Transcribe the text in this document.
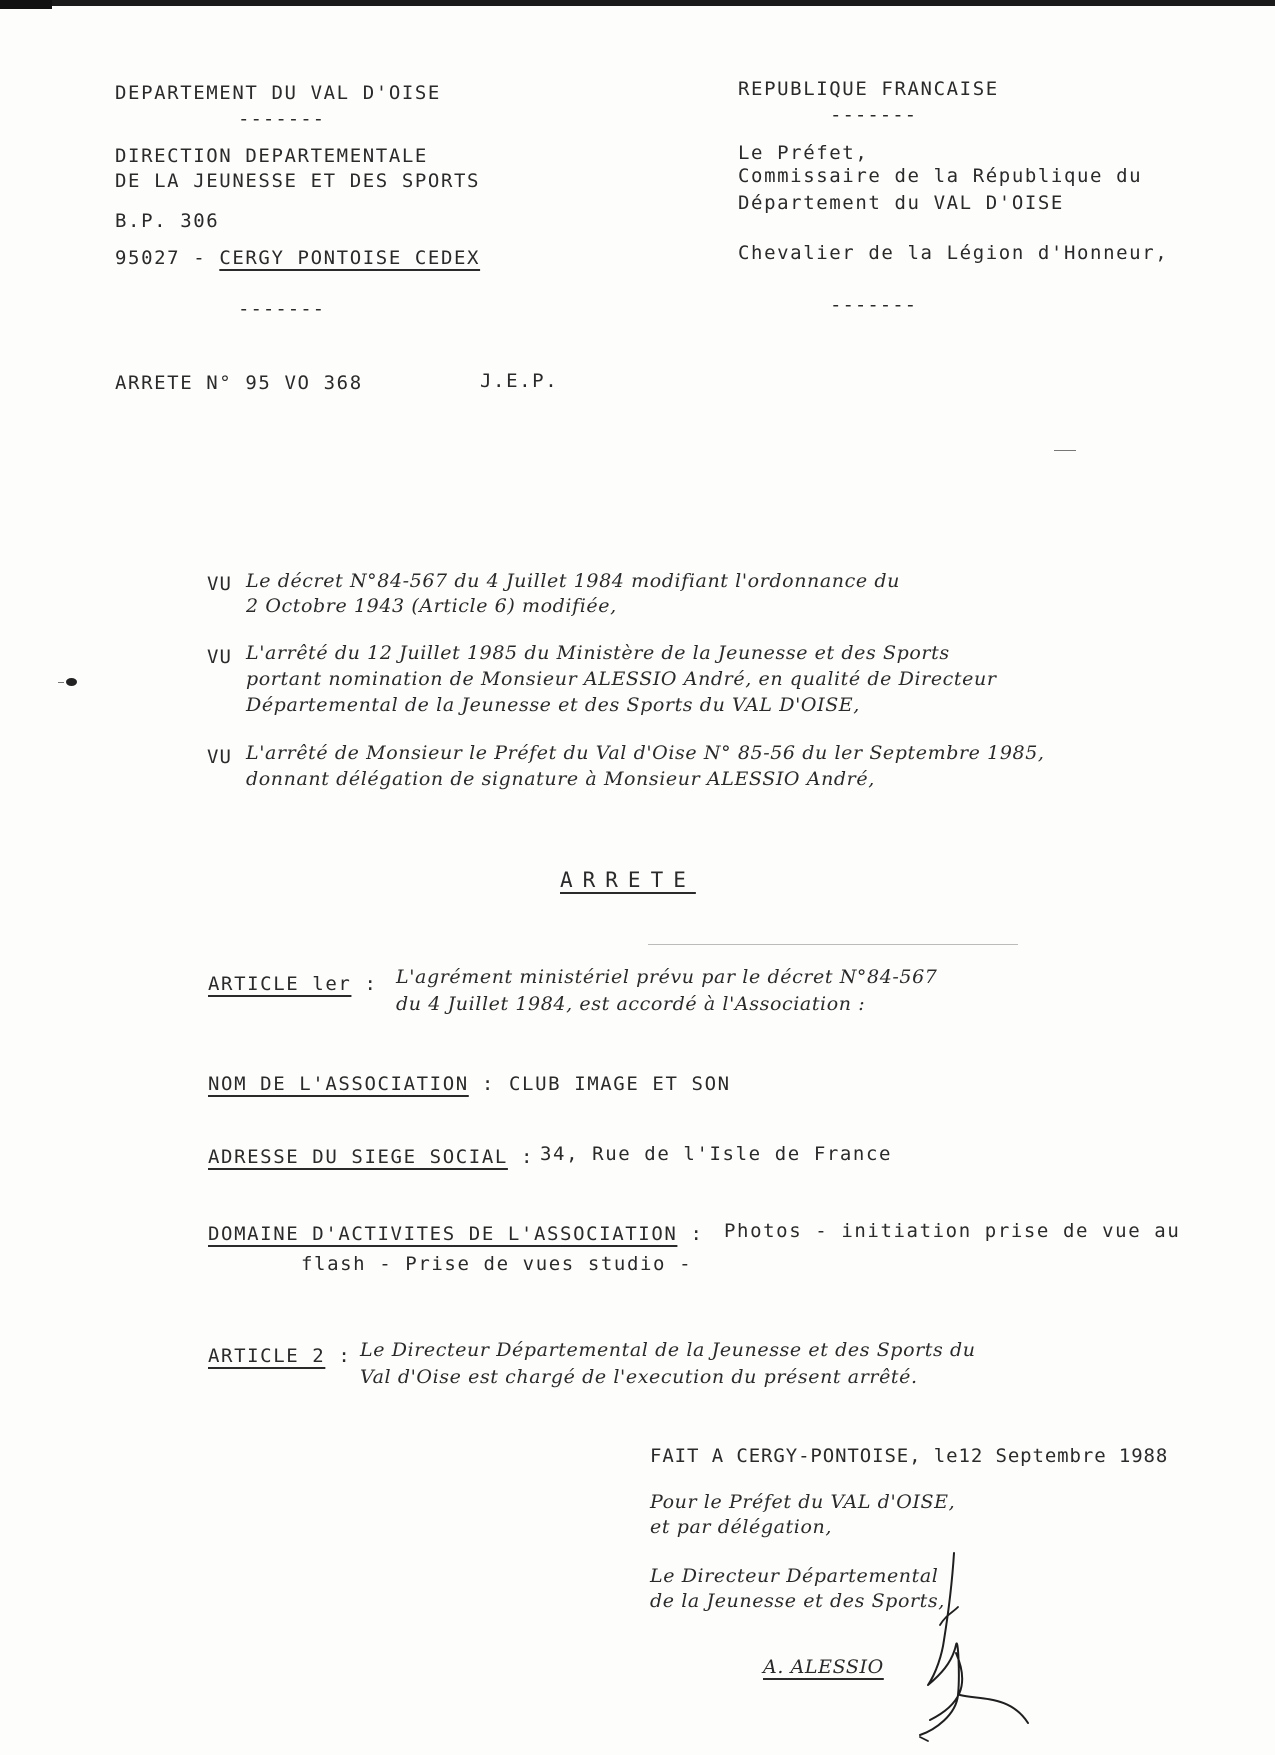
DEPARTEMENT DU VAL D'OISE
-------
DIRECTION DEPARTEMENTALE
DE LA JEUNESSE ET DES SPORTS
B.P. 306
95027 - CERGY PONTOISE CEDEX
-------
REPUBLIQUE FRANCAISE
-------
Le Préfet,
Commissaire de la République du
Département du VAL D'OISE
Chevalier de la Légion d'Honneur,
-------
ARRETE N° 95 VO 368	J.E.P.
VU Le décret N°84-567 du 4 Juillet 1984 modifiant l'ordonnance du
2 Octobre 1943 (Article 6) modifiée,
VU L'arrêté du 12 Juillet 1985 du Ministère de la Jeunesse et des Sports
portant nomination de Monsieur ALESSIO André, en qualité de Directeur
Départemental de la Jeunesse et des Sports du VAL D'OISE,
VU L'arrêté de Monsieur le Préfet du Val d'Oise N° 85-56 du ler Septembre 1985,
donnant délégation de signature à Monsieur ALESSIO André,
ARRETE
ARTICLE ler : L'agrément ministériel prévu par le décret N°84-567
du 4 Juillet 1984, est accordé à l'Association :
NOM DE L'ASSOCIATION : CLUB IMAGE ET SON
ADRESSE DU SIEGE SOCIAL : 34, Rue de l'Isle de France
DOMAINE D'ACTIVITES DE L'ASSOCIATION : Photos - initiation prise de vue au
flash - Prise de vues studio -
ARTICLE 2 : Le Directeur Départemental de la Jeunesse et des Sports du
Val d'Oise est chargé de l'execution du présent arrêté.
FAIT A CERGY-PONTOISE, le12 Septembre 1988
Pour le Préfet du VAL d'OISE,
et par délégation,
Le Directeur Départemental
de la Jeunesse et des Sports,
A. ALESSIO
